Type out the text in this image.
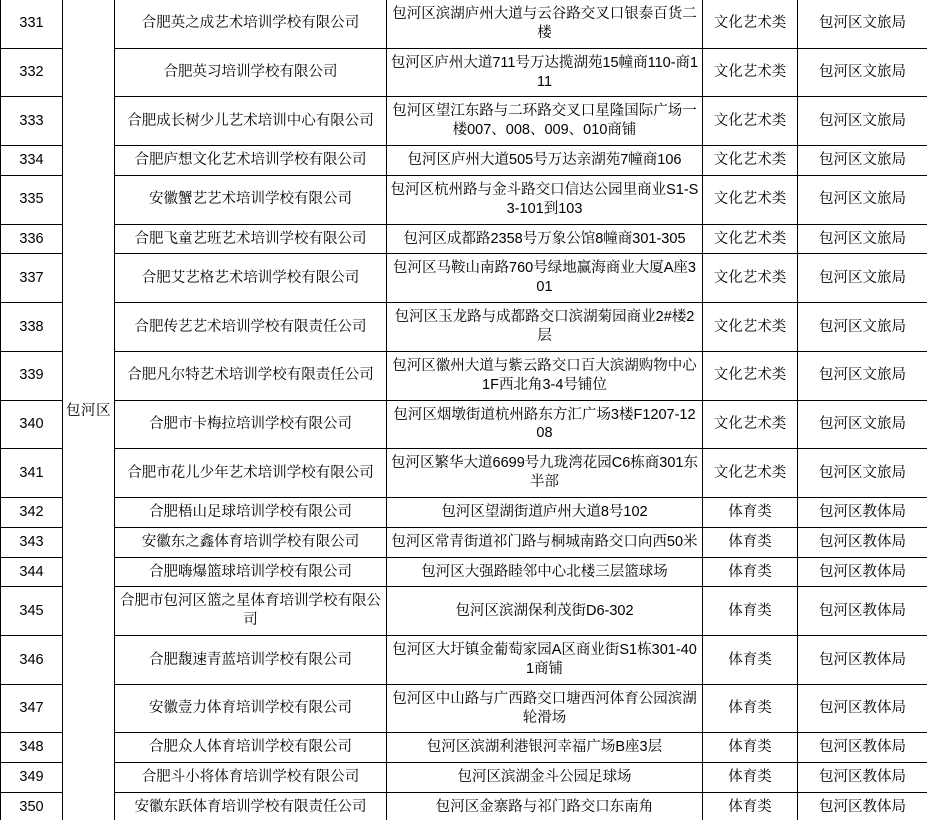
331	包河区	合肥英之成艺术培训学校有限公司	包河区滨湖庐州大道与云谷路交叉口银泰百货二楼	文化艺术类	包河区文旅局
332		合肥英习培训学校有限公司	包河区庐州大道711号万达揽湖苑15幢商110-商111	文化艺术类	包河区文旅局
333		合肥成长树少儿艺术培训中心有限公司	包河区望江东路与二环路交叉口星隆国际广场一楼007、008、009、010商铺	文化艺术类	包河区文旅局
334		合肥庐想文化艺术培训学校有限公司	包河区庐州大道505号万达亲湖苑7幢商106	文化艺术类	包河区文旅局
335		安徽蟹艺艺术培训学校有限公司	包河区杭州路与金斗路交口信达公园里商业S1-S3-101到103	文化艺术类	包河区文旅局
336		合肥飞童艺班艺术培训学校有限公司	包河区成都路2358号万象公馆8幢商301-305	文化艺术类	包河区文旅局
337		合肥艾艺格艺术培训学校有限公司	包河区马鞍山南路760号绿地赢海商业大厦A座301	文化艺术类	包河区文旅局
338		合肥传艺艺术培训学校有限责任公司	包河区玉龙路与成都路交口滨湖菊园商业2#楼2层	文化艺术类	包河区文旅局
339		合肥凡尔特艺术培训学校有限责任公司	包河区徽州大道与紫云路交口百大滨湖购物中心1F西北角3-4号铺位	文化艺术类	包河区文旅局
340		合肥市卡梅拉培训学校有限公司	包河区烟墩街道杭州路东方汇广场3楼F1207-1208	文化艺术类	包河区文旅局
341		合肥市花儿少年艺术培训学校有限公司	包河区繁华大道6699号九珑湾花园C6栋商301东半部	文化艺术类	包河区文旅局
342		合肥梧山足球培训学校有限公司	包河区望湖街道庐州大道8号102	体育类	包河区教体局
343		安徽东之鑫体育培训学校有限公司	包河区常青街道祁门路与桐城南路交口向西50米	体育类	包河区教体局
344		合肥嗨爆篮球培训学校有限公司	包河区大强路睦邻中心北楼三层篮球场	体育类	包河区教体局
345		合肥市包河区篮之星体育培训学校有限公司	包河区滨湖保利茂街D6-302	体育类	包河区教体局
346		合肥馥速青蓝培训学校有限公司	包河区大圩镇金葡萄家园A区商业街S1栋301-401商铺	体育类	包河区教体局
347		安徽壹力体育培训学校有限公司	包河区中山路与广西路交口塘西河体育公园滨湖轮滑场	体育类	包河区教体局
348		合肥众人体育培训学校有限公司	包河区滨湖利港银河幸福广场B座3层	体育类	包河区教体局
349		合肥斗小将体育培训学校有限公司	包河区滨湖金斗公园足球场	体育类	包河区教体局
350		安徽东跃体育培训学校有限责任公司	包河区金寨路与祁门路交口东南角	体育类	包河区教体局
